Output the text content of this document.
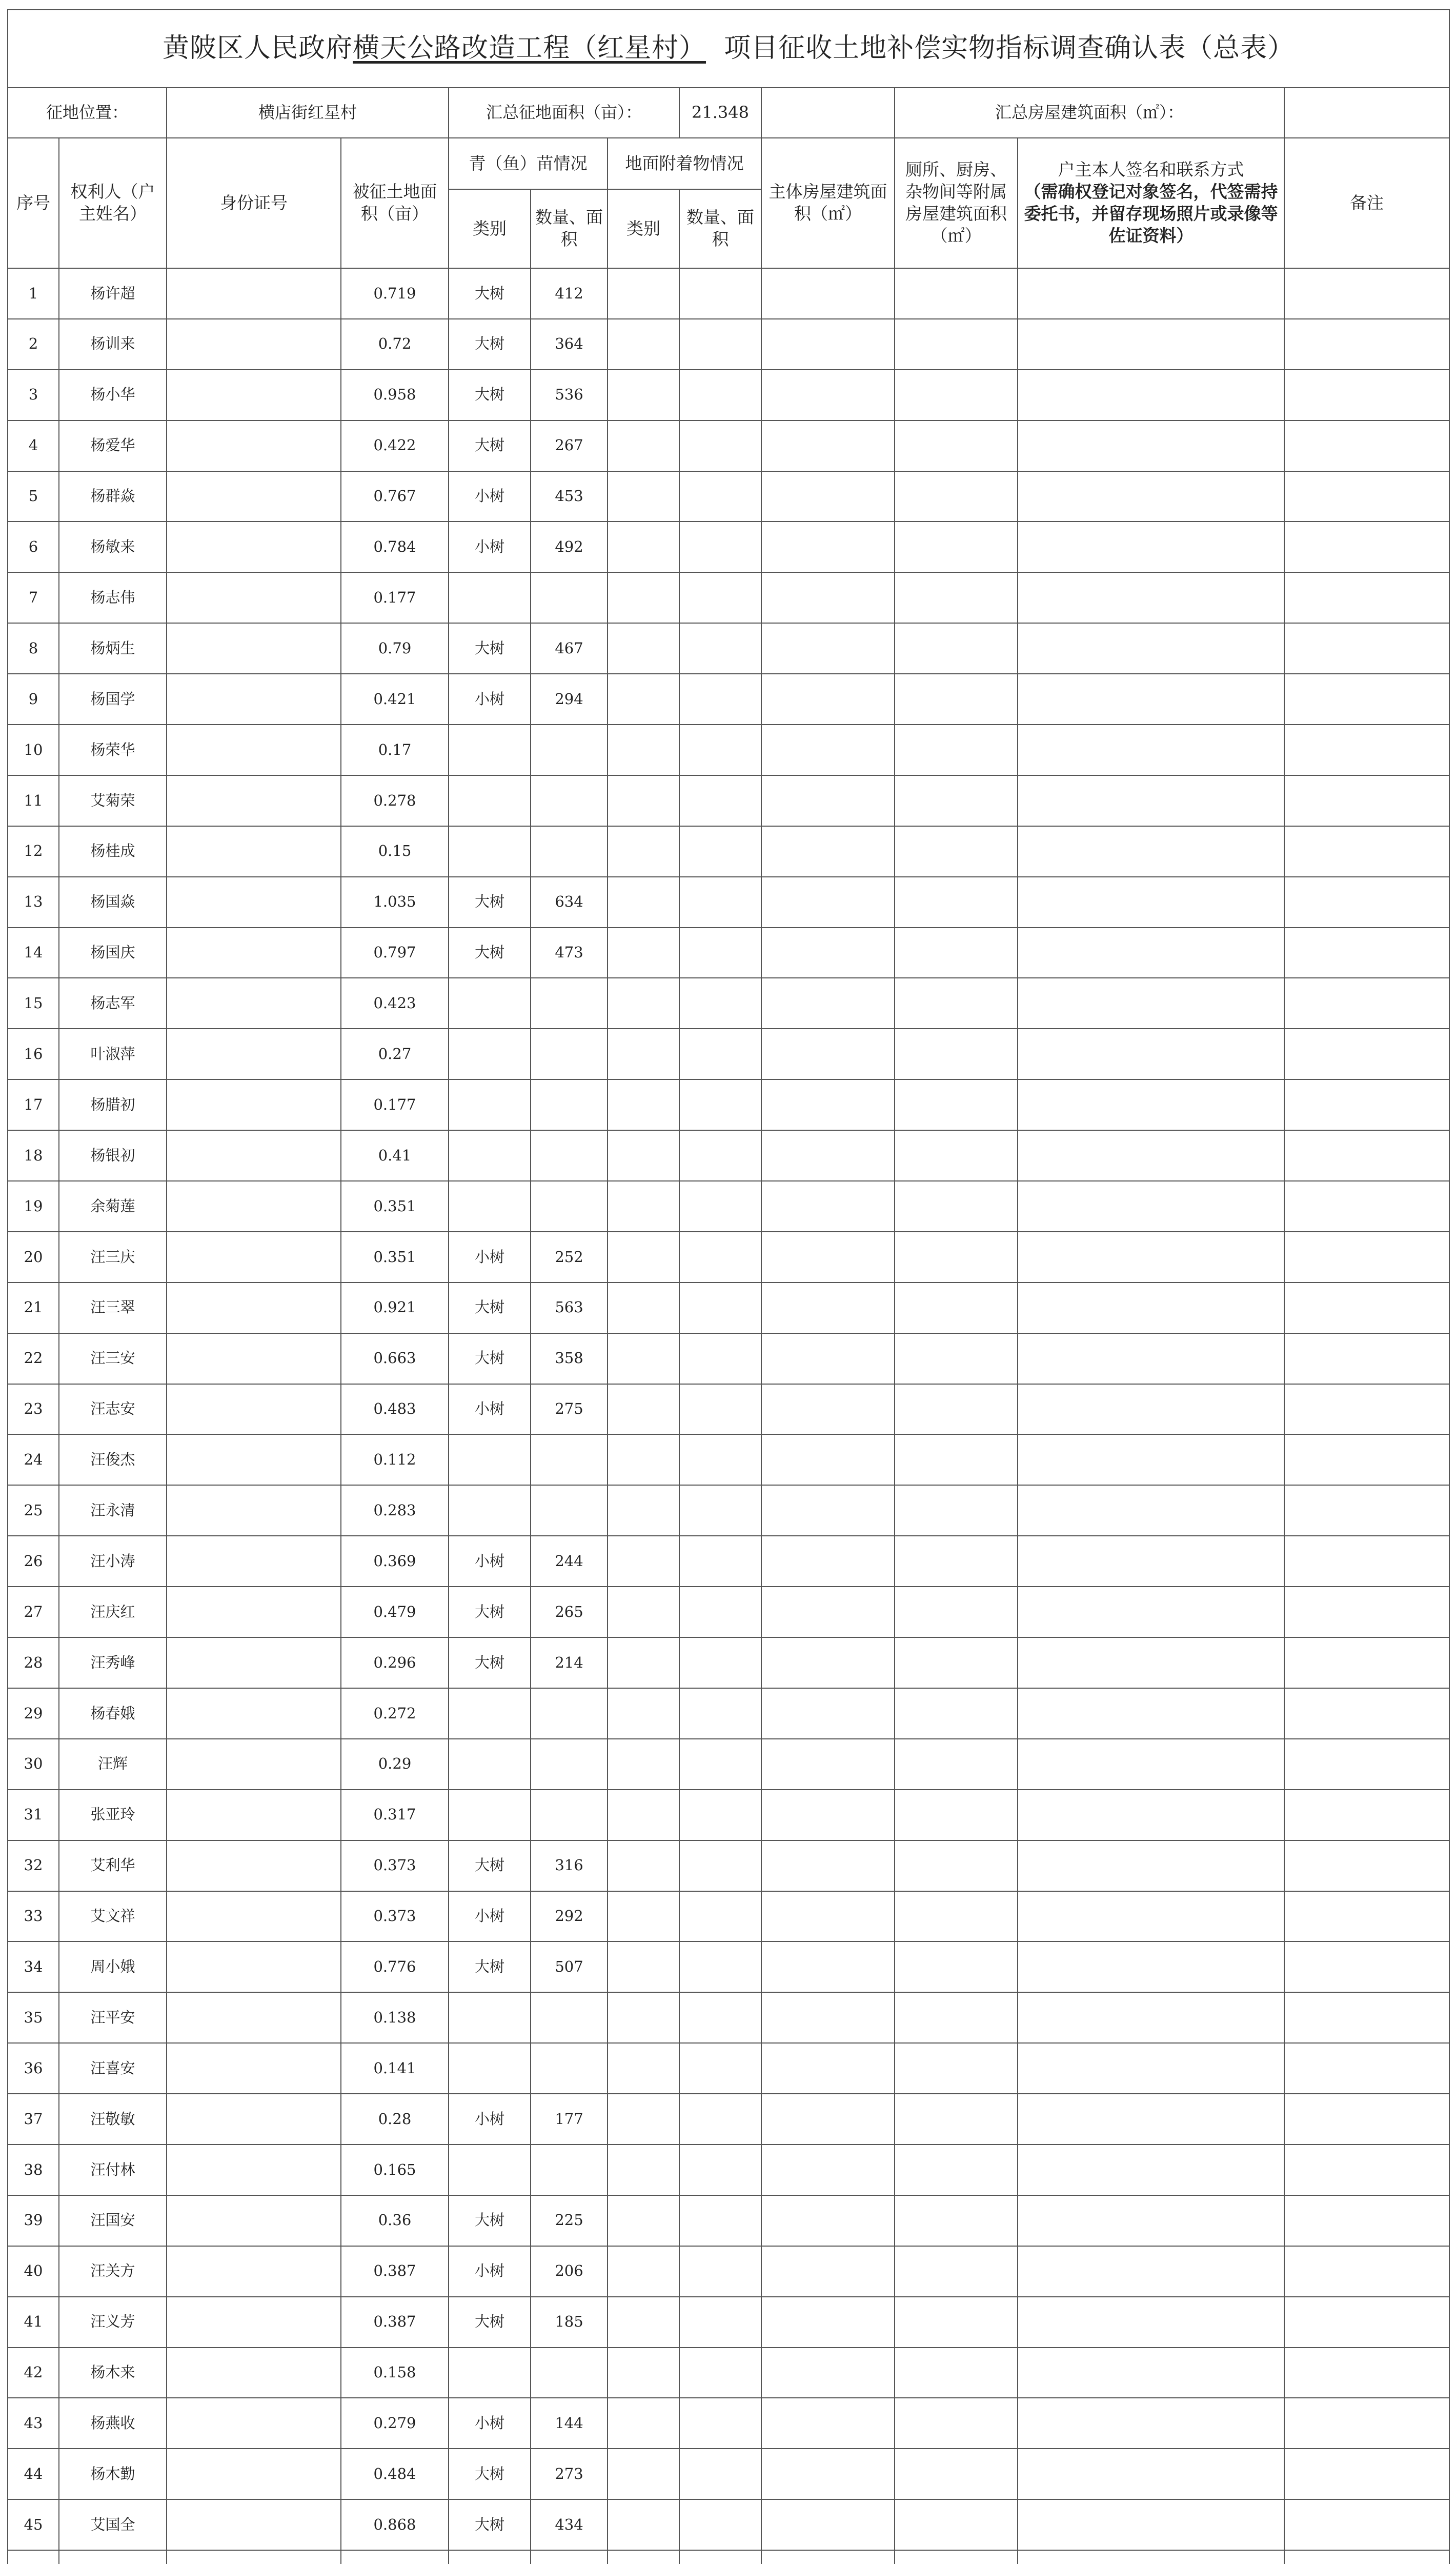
黄陂区人民政府横天公路改造工程（红星村） 项目征收土地补偿实物指标调查确认表（总表）											
征地位置：		横店街红星村		汇总征地面积（亩）：			21.348		汇总房屋建筑面积（㎡）：		
序号	权利人（户主姓名）	身份证号	被征土地面积（亩）	青（鱼）苗情况		地面附着物情况		主体房屋建筑面积（㎡）	厕所、厨房、杂物间等附属房屋建筑面积（㎡）	户主本人签名和联系方式
（需确权登记对象签名，代签需持委托书，并留存现场照片或录像等佐证资料）	备注
				类别	数量、面积	类别	数量、面积				
1	杨许超		0.719	大树	412						
2	杨训来		0.72	大树	364						
3	杨小华		0.958	大树	536						
4	杨爱华		0.422	大树	267						
5	杨群焱		0.767	小树	453						
6	杨敏来		0.784	小树	492						
7	杨志伟		0.177								
8	杨炳生		0.79	大树	467						
9	杨国学		0.421	小树	294						
10	杨荣华		0.17								
11	艾菊荣		0.278								
12	杨桂成		0.15								
13	杨国焱		1.035	大树	634						
14	杨国庆		0.797	大树	473						
15	杨志军		0.423								
16	叶淑萍		0.27								
17	杨腊初		0.177								
18	杨银初		0.41								
19	余菊莲		0.351								
20	汪三庆		0.351	小树	252						
21	汪三翠		0.921	大树	563						
22	汪三安		0.663	大树	358						
23	汪志安		0.483	小树	275						
24	汪俊杰		0.112								
25	汪永清		0.283								
26	汪小涛		0.369	小树	244						
27	汪庆红		0.479	大树	265						
28	汪秀峰		0.296	大树	214						
29	杨春娥		0.272								
30	汪辉		0.29								
31	张亚玲		0.317								
32	艾利华		0.373	大树	316						
33	艾文祥		0.373	小树	292						
34	周小娥		0.776	大树	507						
35	汪平安		0.138								
36	汪喜安		0.141								
37	汪敬敏		0.28	小树	177						
38	汪付林		0.165								
39	汪国安		0.36	大树	225						
40	汪关方		0.387	小树	206						
41	汪义芳		0.387	大树	185						
42	杨木来		0.158								
43	杨燕收		0.279	小树	144						
44	杨木勤		0.484	大树	273						
45	艾国全		0.868	大树	434						
